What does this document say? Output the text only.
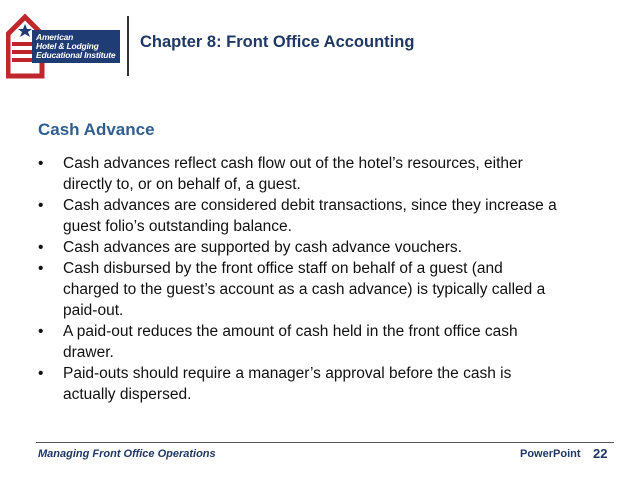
American
Hotel & Lodging
Educational Institute
Chapter 8: Front Office Accounting
Cash Advance
• Cash advances reflect cash flow out of the hotel’s resources, either
directly to, or on behalf of, a guest.
• Cash advances are considered debit transactions, since they increase a
guest folio’s outstanding balance.
• Cash advances are supported by cash advance vouchers.
• Cash disbursed by the front office staff on behalf of a guest (and
charged to the guest’s account as a cash advance) is typically called a
paid-out.
• A paid-out reduces the amount of cash held in the front office cash
drawer.
• Paid-outs should require a manager’s approval before the cash is
actually dispersed.
Managing Front Office Operations	PowerPoint 22
